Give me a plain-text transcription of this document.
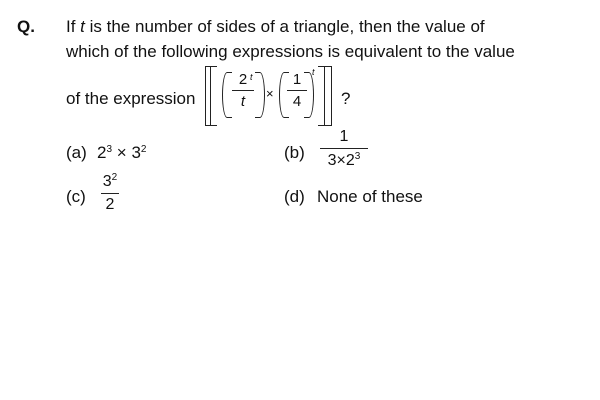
Q. If t is the number of sides of a triangle, then the value of
which of the following expressions is equivalent to the value
of the expression
2
t
t
×
1
4
t
?
(a) $2^3 \times 3^2$	(b)
1
$3\times 2^3$
(c)
$3^2$
2	(d) None of these
